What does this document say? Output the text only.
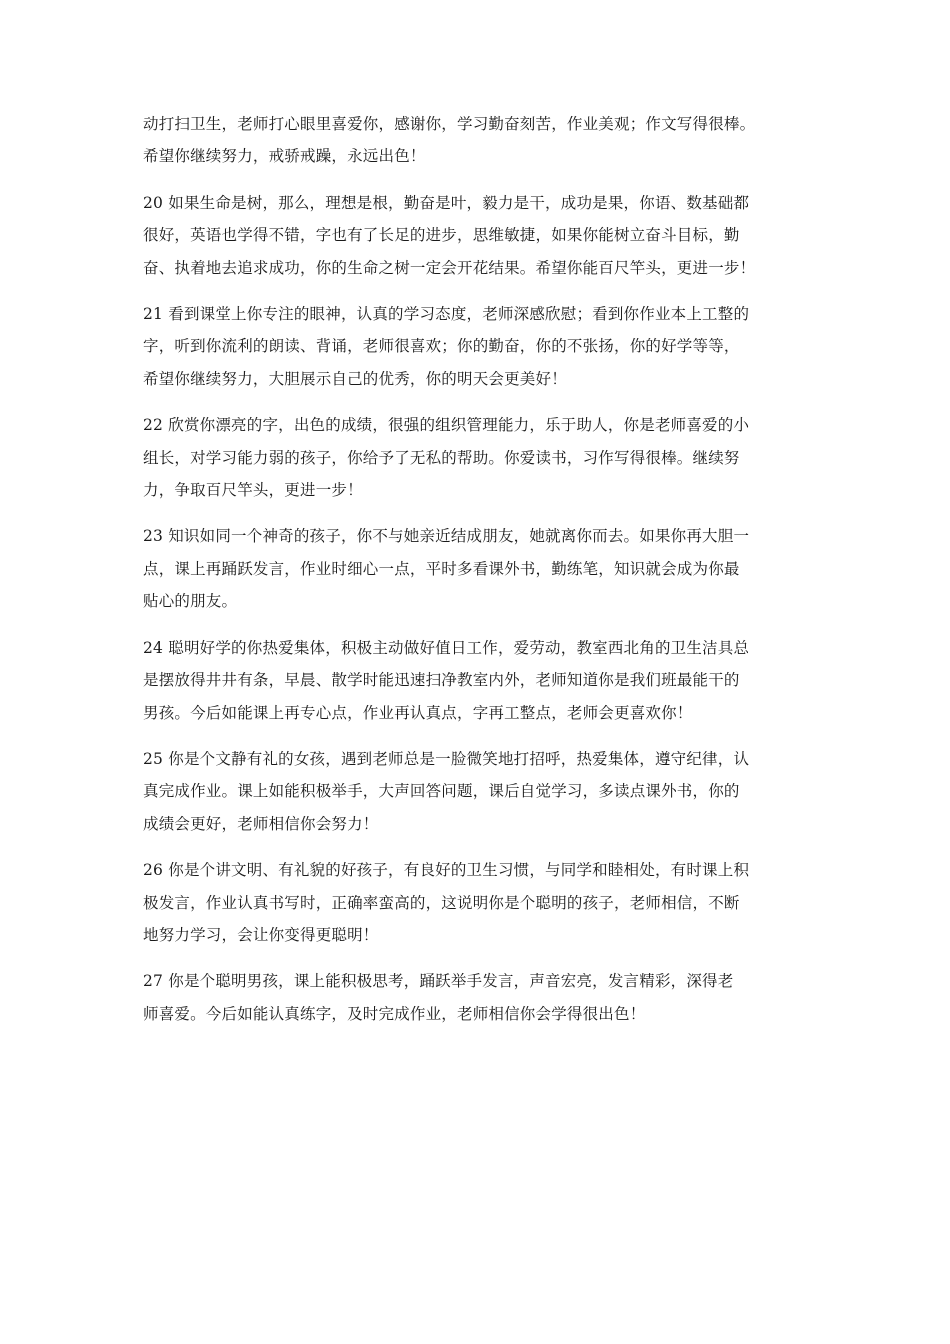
动打扫卫生，老师打心眼里喜爱你，感谢你，学习勤奋刻苦，作业美观；作文写得很棒。
希望你继续努力，戒骄戒躁，永远出色！

20 如果生命是树，那么，理想是根，勤奋是叶，毅力是干，成功是果，你语、数基础都
很好，英语也学得不错，字也有了长足的进步，思维敏捷，如果你能树立奋斗目标，勤
奋、执着地去追求成功，你的生命之树一定会开花结果。希望你能百尺竿头，更进一步！

21 看到课堂上你专注的眼神，认真的学习态度，老师深感欣慰；看到你作业本上工整的
字，听到你流利的朗读、背诵，老师很喜欢；你的勤奋，你的不张扬，你的好学等等，
希望你继续努力，大胆展示自己的优秀，你的明天会更美好！

22 欣赏你漂亮的字，出色的成绩，很强的组织管理能力，乐于助人，你是老师喜爱的小
组长，对学习能力弱的孩子，你给予了无私的帮助。你爱读书，习作写得很棒。继续努
力，争取百尺竿头，更进一步！

23 知识如同一个神奇的孩子，你不与她亲近结成朋友，她就离你而去。如果你再大胆一
点，课上再踊跃发言，作业时细心一点，平时多看课外书，勤练笔，知识就会成为你最
贴心的朋友。

24 聪明好学的你热爱集体，积极主动做好值日工作，爱劳动，教室西北角的卫生洁具总
是摆放得井井有条，早晨、散学时能迅速扫净教室内外，老师知道你是我们班最能干的
男孩。今后如能课上再专心点，作业再认真点，字再工整点，老师会更喜欢你！

25 你是个文静有礼的女孩，遇到老师总是一脸微笑地打招呼，热爱集体，遵守纪律，认
真完成作业。课上如能积极举手，大声回答问题，课后自觉学习，多读点课外书，你的
成绩会更好，老师相信你会努力！

26 你是个讲文明、有礼貌的好孩子，有良好的卫生习惯，与同学和睦相处，有时课上积
极发言，作业认真书写时，正确率蛮高的，这说明你是个聪明的孩子，老师相信，不断
地努力学习，会让你变得更聪明！

27 你是个聪明男孩，课上能积极思考，踊跃举手发言，声音宏亮，发言精彩，深得老
师喜爱。今后如能认真练字，及时完成作业，老师相信你会学得很出色！
